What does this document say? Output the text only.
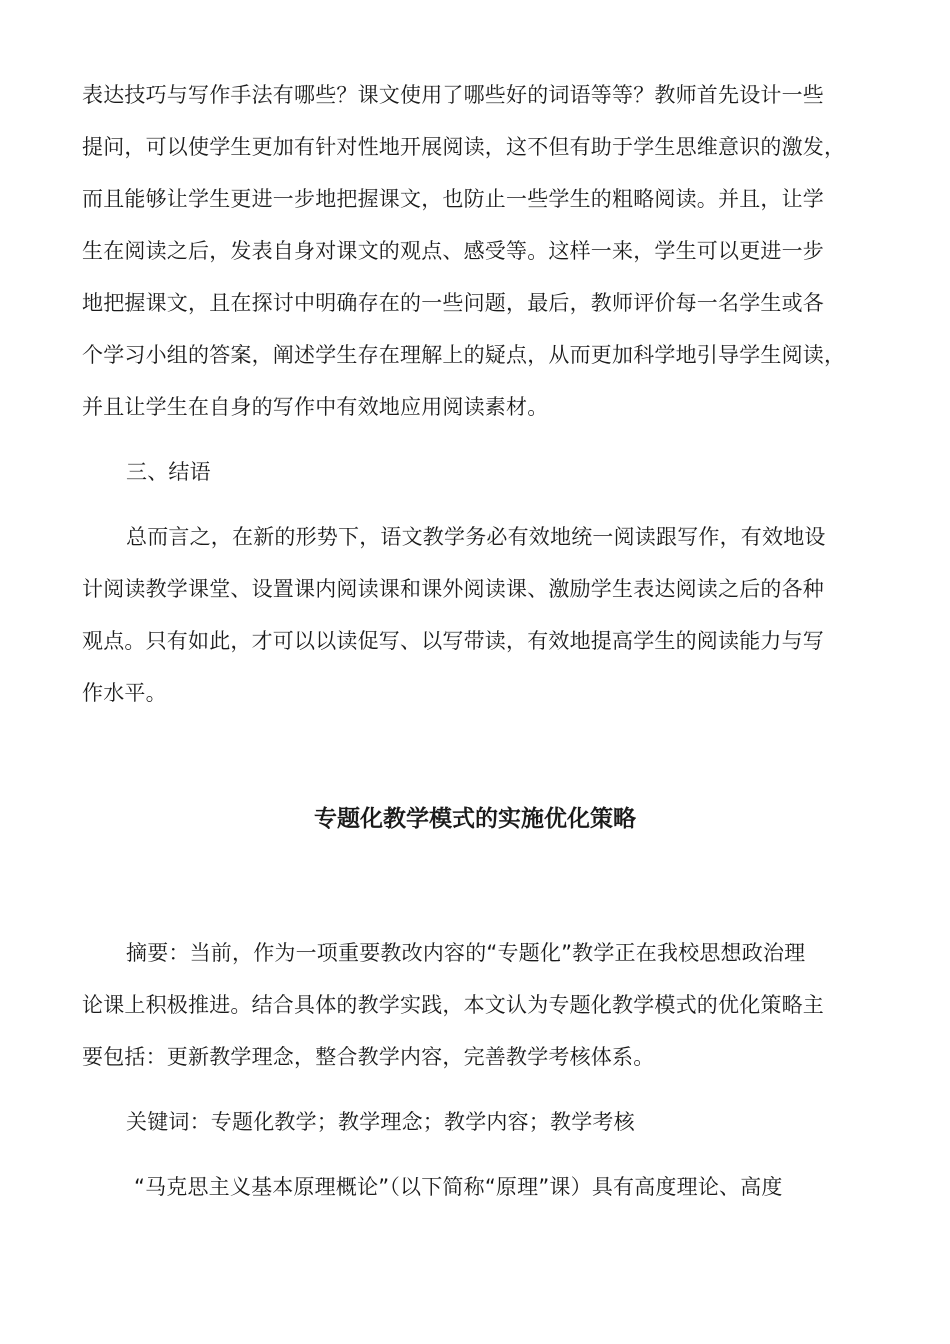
表达技巧与写作手法有哪些？课文使用了哪些好的词语等等？教师首先设计一些
提问，可以使学生更加有针对性地开展阅读，这不但有助于学生思维意识的激发，
而且能够让学生更进一步地把握课文，也防止一些学生的粗略阅读。并且，让学
生在阅读之后，发表自身对课文的观点、感受等。这样一来，学生可以更进一步
地把握课文，且在探讨中明确存在的一些问题，最后，教师评价每一名学生或各
个学习小组的答案，阐述学生存在理解上的疑点，从而更加科学地引导学生阅读，
并且让学生在自身的写作中有效地应用阅读素材。
三、结语
总而言之，在新的形势下，语文教学务必有效地统一阅读跟写作，有效地设
计阅读教学课堂、设置课内阅读课和课外阅读课、激励学生表达阅读之后的各种
观点。只有如此，才可以以读促写、以写带读，有效地提高学生的阅读能力与写
作水平。
专题化教学模式的实施优化策略
摘要：当前，作为一项重要教改内容的“专题化”教学正在我校思想政治理
论课上积极推进。结合具体的教学实践，本文认为专题化教学模式的优化策略主
要包括：更新教学理念，整合教学内容，完善教学考核体系。
关键词：专题化教学；教学理念；教学内容；教学考核
“马克思主义基本原理概论”（以下简称“原理”课）具有高度理论、高度
